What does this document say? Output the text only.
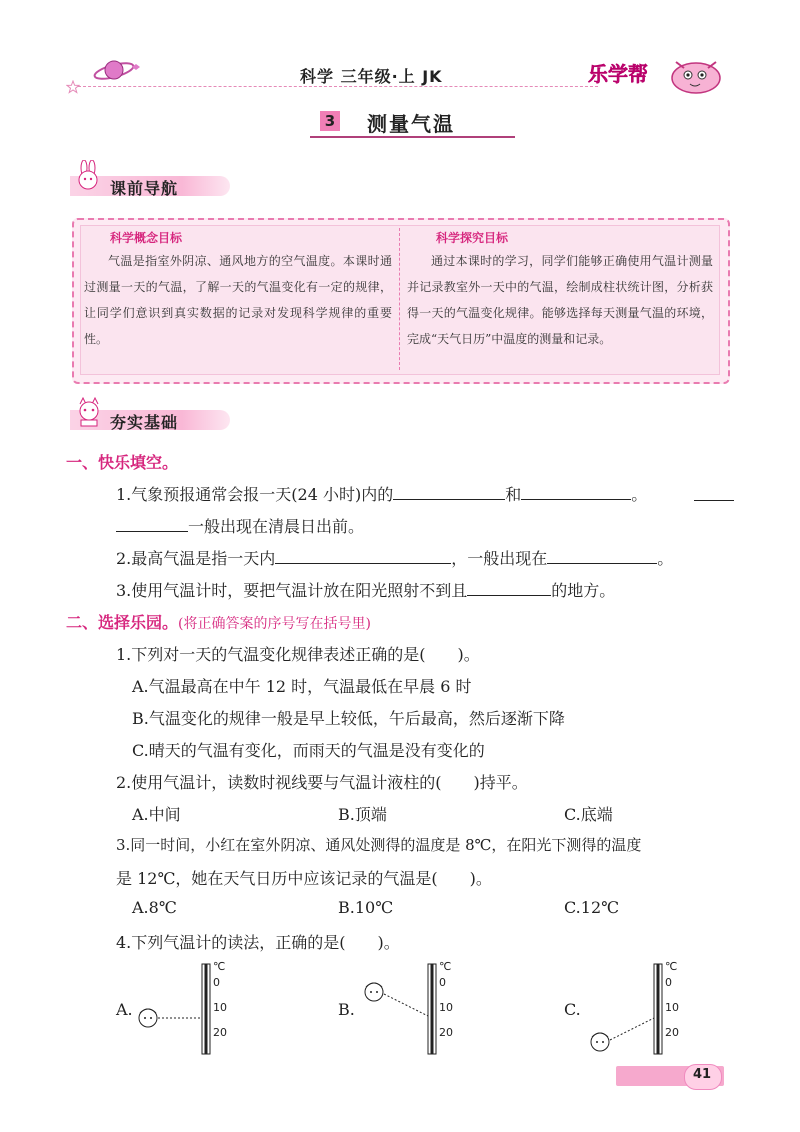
科学 三年级·上 JK	乐学帮
3 测量气温
课前导航
科学概念目标
气温是指室外阴凉、通风地方的空气温度。本课时通过测量一天的气温，了解一天的气温变化有一定的规律，让同学们意识到真实数据的记录对发现科学规律的重要性。
科学探究目标
通过本课时的学习，同学们能够正确使用气温计测量并记录教室外一天中的气温，绘制成柱状统计图，分析获得一天的气温变化规律。能够选择每天测量气温的环境，完成“天气日历”中温度的测量和记录。
夯实基础
一、快乐填空。
1.气象预报通常会报一天(24 小时)内的	和	。
一般出现在清晨日出前。
2.最高气温是指一天内	，一般出现在	。
3.使用气温计时，要把气温计放在阳光照射不到且	的地方。
二、选择乐园。(将正确答案的序号写在括号里)
1.下列对一天的气温变化规律表述正确的是(　　)。
A.气温最高在中午 12 时，气温最低在早晨 6 时
B.气温变化的规律一般是早上较低，午后最高，然后逐渐下降
C.晴天的气温有变化，而雨天的气温是没有变化的
2.使用气温计，读数时视线要与气温计液柱的(　　)持平。
A.中间	B.顶端	C.底端
3.同一时间，小红在室外阴凉、通风处测得的温度是 8℃，在阳光下测得的温度
是 12℃，她在天气日历中应该记录的气温是(　　)。
A.8℃	B.10℃	C.12℃
4.下列气温计的读法，正确的是(　　)。
A.	B.	C.
℃
0
10
20
℃
0
10
20
℃
0
10
20
41
